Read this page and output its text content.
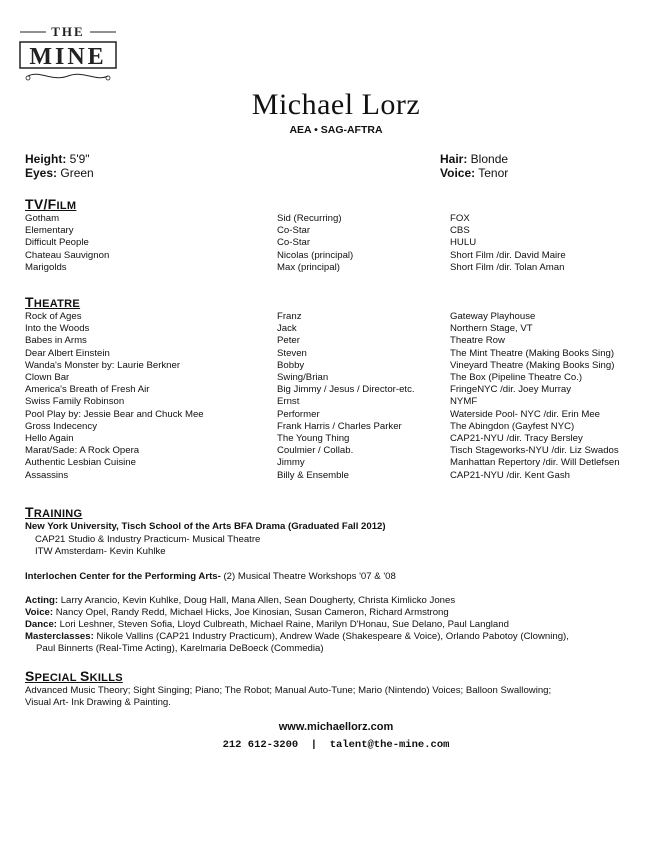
THE
MINE
Michael Lorz
AEA • SAG-AFTRA
Height: 5'9"
Eyes: Green
Hair: Blonde
Voice: Tenor
TV/FILM
Gotham	Sid (Recurring)	FOX
Elementary	Co-Star	CBS
Difficult People	Co-Star	HULU
Chateau Sauvignon	Nicolas (principal)	Short Film /dir. David Maire
Marigolds	Max (principal)	Short Film /dir. Tolan Aman
THEATRE
Rock of Ages	Franz	Gateway Playhouse
Into the Woods	Jack	Northern Stage, VT
Babes in Arms	Peter	Theatre Row
Dear Albert Einstein	Steven	The Mint Theatre (Making Books Sing)
Wanda's Monster by: Laurie Berkner	Bobby	Vineyard Theatre (Making Books Sing)
Clown Bar	Swing/Brian	The Box (Pipeline Theatre Co.)
America's Breath of Fresh Air	Big Jimmy / Jesus / Director-etc.	FringeNYC /dir. Joey Murray
Swiss Family Robinson	Ernst	NYMF
Pool Play by: Jessie Bear and Chuck Mee	Performer	Waterside Pool- NYC /dir. Erin Mee
Gross Indecency	Frank Harris / Charles Parker	The Abingdon (Gayfest NYC)
Hello Again	The Young Thing	CAP21-NYU /dir. Tracy Bersley
Marat/Sade: A Rock Opera	Coulmier / Collab.	Tisch Stageworks-NYU /dir. Liz Swados
Authentic Lesbian Cuisine	Jimmy	Manhattan Repertory /dir. Will Detlefsen
Assassins	Billy & Ensemble	CAP21-NYU /dir. Kent Gash
TRAINING
New York University, Tisch School of the Arts BFA Drama (Graduated Fall 2012)
CAP21 Studio & Industry Practicum- Musical Theatre
ITW Amsterdam- Kevin Kuhlke
Interlochen Center for the Performing Arts- (2) Musical Theatre Workshops '07 & '08
Acting: Larry Arancio, Kevin Kuhlke, Doug Hall, Mana Allen, Sean Dougherty, Christa Kimlicko Jones
Voice: Nancy Opel, Randy Redd, Michael Hicks, Joe Kinosian, Susan Cameron, Richard Armstrong
Dance: Lori Leshner, Steven Sofia, Lloyd Culbreath, Michael Raine, Marilyn D'Honau, Sue Delano, Paul Langland
Masterclasses: Nikole Vallins (CAP21 Industry Practicum), Andrew Wade (Shakespeare & Voice), Orlando Pabotoy (Clowning),
Paul Binnerts (Real-Time Acting), Karelmaria DeBoeck (Commedia)
SPECIAL SKILLS
Advanced Music Theory; Sight Singing; Piano; The Robot; Manual Auto-Tune; Mario (Nintendo) Voices; Balloon Swallowing;
Visual Art- Ink Drawing & Painting.
www.michaellorz.com
212 612-3200  |  talent@the-mine.com
